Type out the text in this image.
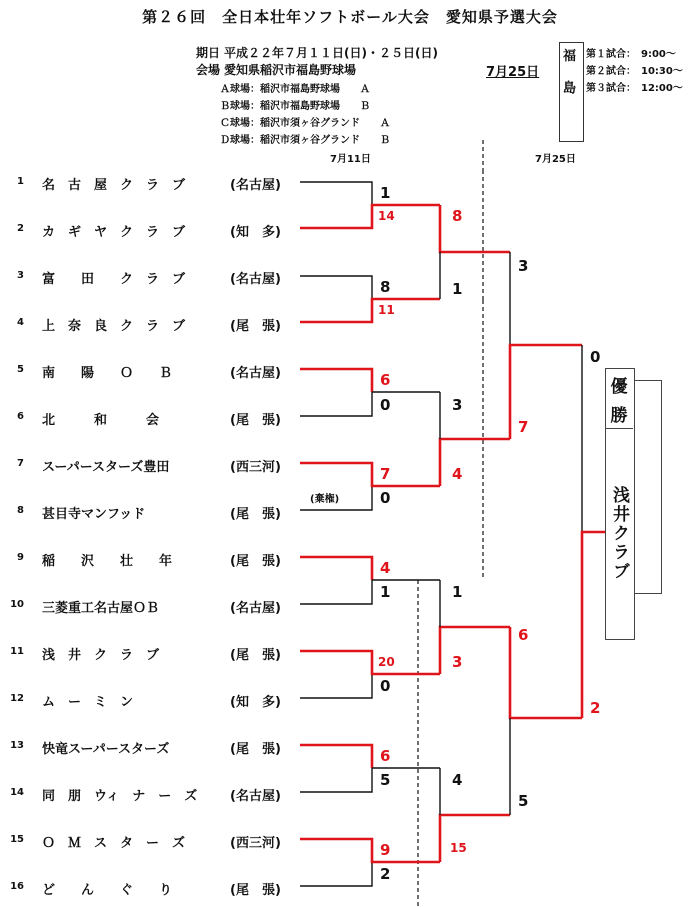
第２６回　全日本壮年ソフトボール大会　愛知県予選大会
期日 平成２２年７月１１日(日)・２５日(日)
会場 愛知県稲沢市福島野球場
Ａ球場：稲沢市福島野球場　　Ａ
Ｂ球場：稲沢市福島野球場　　Ｂ
Ｃ球場：稲沢市須ヶ谷グランド　　Ａ
Ｄ球場：稲沢市須ヶ谷グランド　　Ｂ
7月25日
7月11日	7月25日
福
島
第１試合：　9:00～
第２試合：　10:30～
第３試合：　12:00～
1 名　古　屋　ク　ラ　ブ	(名古屋)
2 カ　ギ　ヤ　ク　ラ　ブ	(知　多)
3 富　　田　　ク　ラ　ブ	(名古屋)
4 上　奈　良　ク　ラ　ブ	(尾　張)
5 南　　陽　　Ｏ　　Ｂ	(名古屋)
6 北　　　和　　　会	(尾　張)
7 スーパースターズ豊田	(西三河)
8 甚目寺マンフッド	(尾　張)
9 稲　　沢　　壮　　年	(尾　張)
10 三菱重工名古屋ＯＢ	(名古屋)
11 浅　井　ク　ラ　ブ	(尾　張)
12 ム　ー　ミ　ン	(知　多)
13 快竜スーパースターズ	(尾　張)
14 同　朋　ウィ　ナ　ー　ズ	(名古屋)
15 Ｏ　Ｍ　ス　タ　ー　ズ	(西三河)
16 ど　　ん　　ぐ　　り	(尾　張)
(棄権)
1
14
8
11
6
0
7
0
4
1
20
0
6
5
9
2
8
1
3
4
1
3
4
15
3
7
6
5
0
2
優
勝
浅井クラブ
